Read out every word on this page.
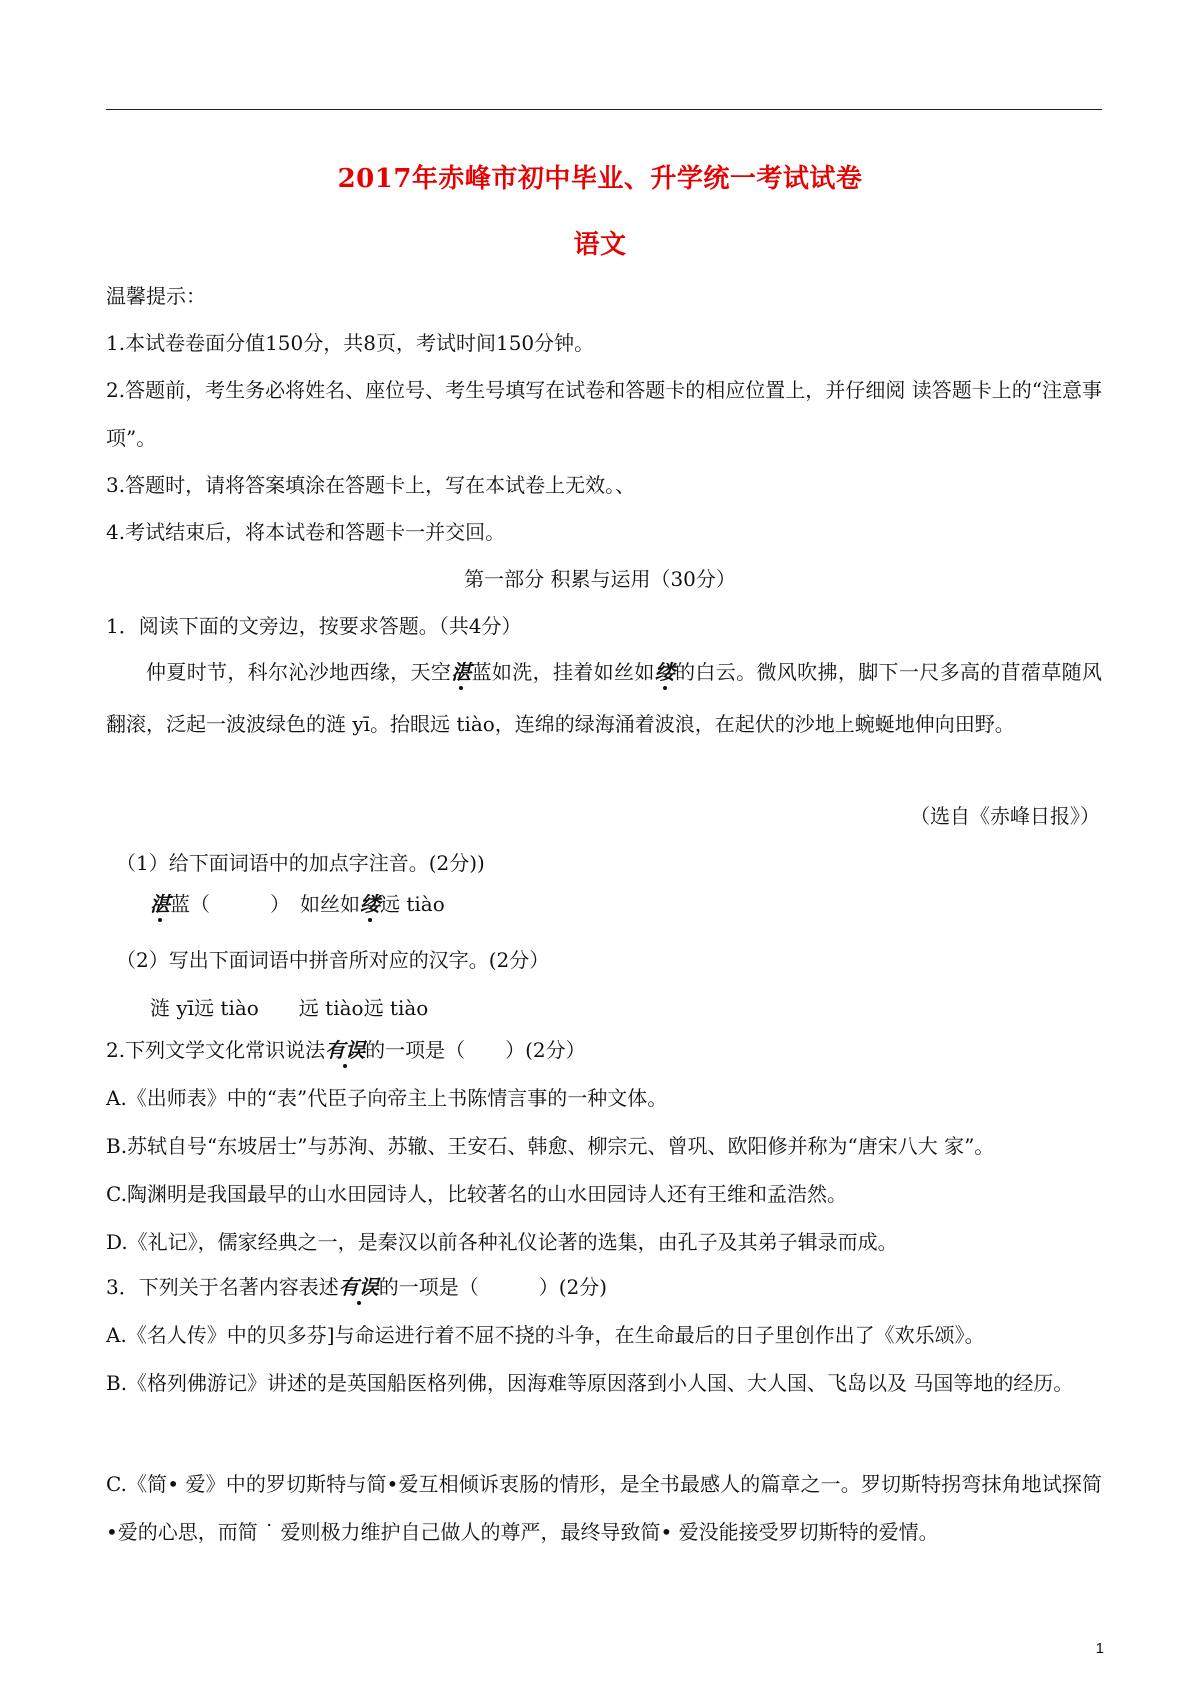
2017年赤峰市初中毕业、升学统一考试试卷
语文
温馨提示：
1.本试卷卷面分值150分，共8页，考试时间150分钟。
2.答题前，考生务必将姓名、座位号、考生号填写在试卷和答题卡的相应位置上，并仔细阅 读答题卡上的“注意事项”。
3.答题时，请将答案填涂在答题卡上，写在本试卷上无效。、
4.考试结束后，将本试卷和答题卡一并交回。
第一部分 积累与运用（30分）
1．阅读下面的文旁边，按要求答题。（共4分）
仲夏时节，科尔沁沙地西缘，天空湛蓝如洗，挂着如丝如缕的白云。微风吹拂，脚下一尺多高的苜蓿草随风翻滚，泛起一波波绿色的涟 yī。抬眼远 tiào，连绵的绿海涌着波浪，在起伏的沙地上蜿蜒地伸向田野。
（选自《赤峰日报》）
（1）给下面词语中的加点字注音。(2分))
湛蓝（　　　）　如丝如缕远 tiào
（2）写出下面词语中拼音所对应的汉字。(2分）
涟 yī远 tiào　　远 tiào远 tiào
2.下列文学文化常识说法有误的一项是（　　）(2分）
A.《出师表》中的“表”代臣子向帝主上书陈情言事的一种文体。
B.苏轼自号“东坡居士”与苏洵、苏辙、王安石、韩愈、柳宗元、曾巩、欧阳修并称为“唐宋八大 家”。
C.陶渊明是我国最早的山水田园诗人，比较著名的山水田园诗人还有王维和孟浩然。
D.《礼记》，儒家经典之一，是秦汉以前各种礼仪论著的选集，由孔子及其弟子辑录而成。
3．下列关于名著内容表述有误的一项是（　　　）(2分)
A.《名人传》中的贝多芬]与命运进行着不屈不挠的斗争，在生命最后的日子里创作出了《欢乐颂》。
B.《格列佛游记》讲述的是英国船医格列佛，因海难等原因落到小人国、大人国、飞岛以及 马国等地的经历。
C.《简• 爱》中的罗切斯特与简•爱互相倾诉衷肠的情形，是全书最感人的篇章之一。罗切斯特拐弯抹角地试探简•爱的心思，而简 ˙ 爱则极力维护自己做人的尊严，最终导致简• 爱没能接受罗切斯特的爱情。
1
